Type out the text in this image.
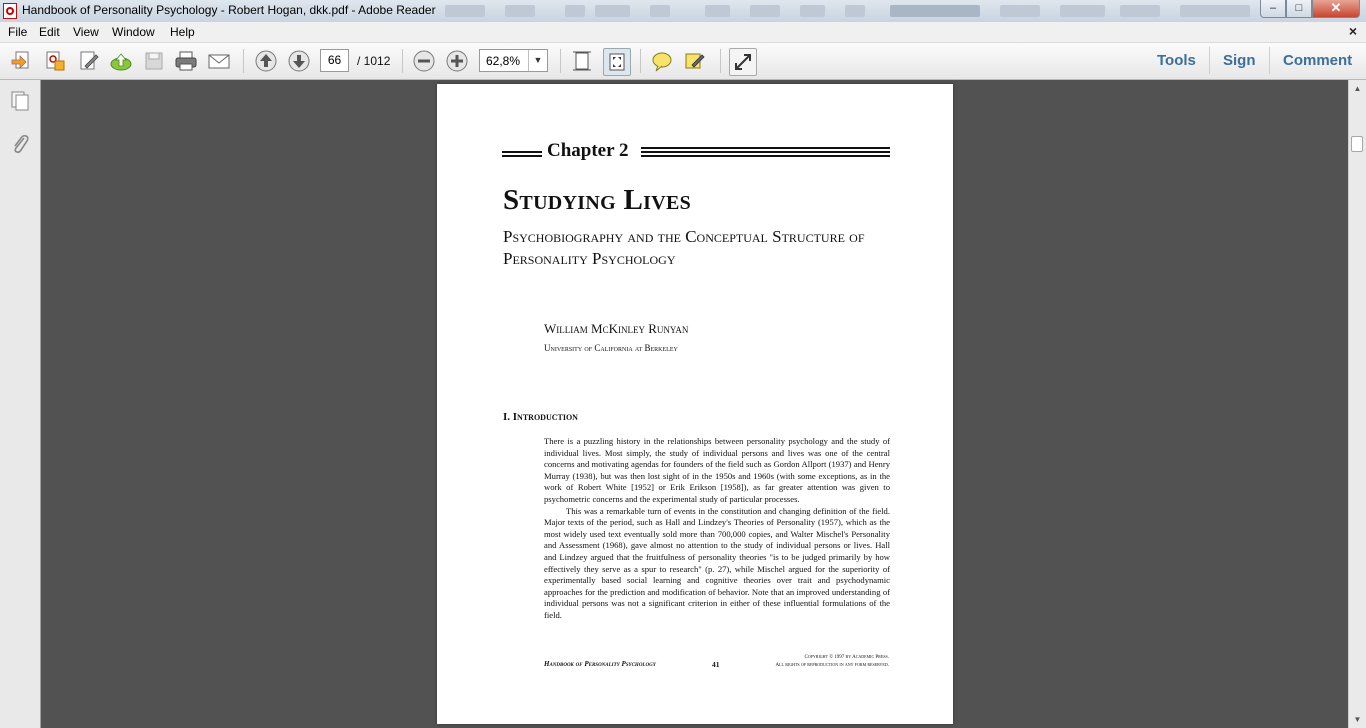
Handbook of Personality Psychology - Robert Hogan, dkk.pdf - Adobe Reader	–	□	✕
File Edit View Window Help	×
66	/ 1012	62,8%	▼	Tools Sign Comment
▲
▼
Chapter 2
Studying Lives
Psychobiography and the Conceptual Structure of Personality Psychology
William McKinley Runyan
University of California at Berkeley
I. Introduction

There is a puzzling history in the relationships between personality psychology and the study of individual lives. Most simply, the study of individual persons and lives was one of the central concerns and motivating agendas for founders of the field such as Gordon Allport (1937) and Henry Murray (1938), but was then lost sight of in the 1950s and 1960s (with some exceptions, as in the work of Robert White [1952] or Erik Erikson [1958]), as far greater attention was given to psychometric concerns and the experimental study of particular processes.

This was a remarkable turn of events in the constitution and changing definition of the field. Major texts of the period, such as Hall and Lindzey's Theories of Personality (1957), which as the most widely used text eventually sold more than 700,000 copies, and Walter Mischel's Personality and Assessment (1968), gave almost no attention to the study of individual persons or lives. Hall and Lindzey argued that the fruitfulness of personality theories "is to be judged primarily by how effectively they serve as a spur to research" (p. 27), while Mischel argued for the superiority of experimentally based social learning and cognitive theories over trait and psychodynamic approaches for the prediction and modification of behavior. Note that an improved understanding of individual persons was not a significant criterion in either of these influential formulations of the field.

Handbook of Personality Psychology	41
Copyright © 1997 by Academic Press.
All rights of reproduction in any form reserved.
